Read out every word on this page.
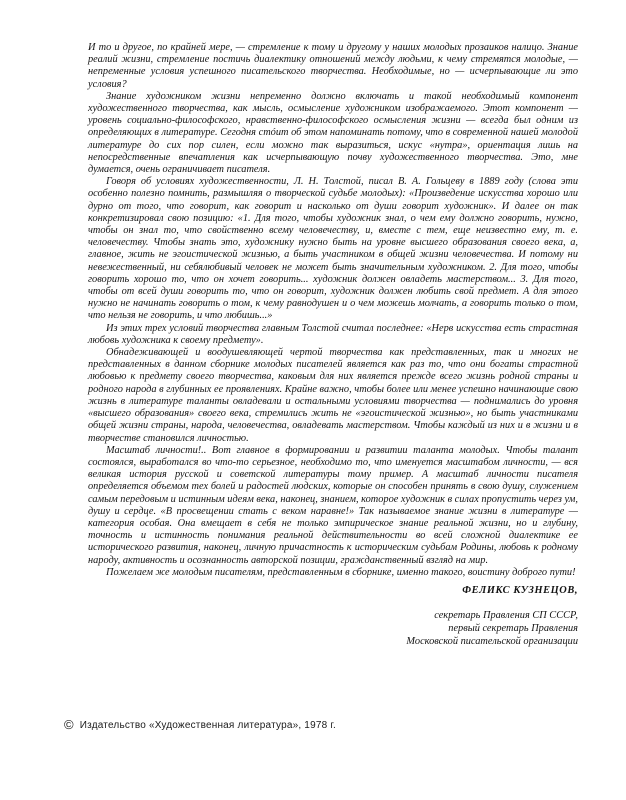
И то и другое, по крайней мере, — стремление к тому и другому у наших молодых прозаиков налицо. Знание реалий жизни, стремление постичь диалектику отношений между людьми, к чему стремятся молодые, — непременные условия успешного писательского творчества. Необходимые, но — исчерпывающие ли это условия?

Знание художником жизни непременно должно включать и такой необходимый компонент художественного творчества, как мысль, осмысление художником изображаемого. Этот компонент — уровень социально-философского, нравственно-философского осмысления жизни — всегда был одним из определяющих в литературе. Сегодня стóит об этом напоминать потому, что в современной нашей молодой литературе до сих пор силен, если можно так выразиться, искус «нутра», ориентация лишь на непосредственные впечатления как исчерпывающую почву художественного творчества. Это, мне думается, очень ограничивает писателя.

Говоря об условиях художественности, Л. Н. Толстой, писал В. А. Гольцеву в 1889 году (слова эти особенно полезно помнить, размышляя о творческой судьбе молодых): «Произведение искусства хорошо или дурно от того, что говорит, как говорит и насколько от души говорит художник». И далее он так конкретизировал свою позицию: «1. Для того, чтобы художник знал, о чем ему должно говорить, нужно, чтобы он знал то, что свойственно всему человечеству, и, вместе с тем, еще неизвестно ему, т. е. человечеству. Чтобы знать это, художнику нужно быть на уровне высшего образования своего века, а, главное, жить не эгоистической жизнью, а быть участником в общей жизни человечества. И потому ни невежественный, ни себялюбивый человек не может быть значительным художником. 2. Для того, чтобы говорить хорошо то, что он хочет говорить... художник должен овладеть мастерством... 3. Для того, чтобы от всей души говорить то, что он говорит, художник должен любить свой предмет. А для этого нужно не начинать говорить о том, к чему равнодушен и о чем можешь молчать, а говорить только о том, что нельзя не говорить, и что любишь...»

Из этих трех условий творчества главным Толстой считал последнее: «Нерв искусства есть страстная любовь художника к своему предмету».

Обнадеживающей и воодушевляющей чертой творчества как представленных, так и многих не представленных в данном сборнике молодых писателей является как раз то, что они богаты страстной любовью к предмету своего творчества, каковым для них является прежде всего жизнь родной страны и родного народа в глубинных ее проявлениях. Крайне важно, чтобы более или менее успешно начинающие свою жизнь в литературе таланты овладевали и остальными условиями творчества — поднимались до уровня «высшего образования» своего века, стремились жить не «эгоистической жизнью», но быть участниками общей жизни страны, народа, человечества, овладевать мастерством. Чтобы каждый из них и в жизни и в творчестве становился личностью.

Масштаб личности!.. Вот главное в формировании и развитии таланта молодых. Чтобы талант состоялся, выработался во что-то серьезное, необходимо то, что именуется масштабом личности, — вся великая история русской и советской литературы тому пример. А масштаб личности писателя определяется объемом тех болей и радостей людских, которые он способен принять в свою душу, служением самым передовым и истинным идеям века, наконец, знанием, которое художник в силах пропустить через ум, душу и сердце. «В просвещении стать с веком наравне!» Так называемое знание жизни в литературе — категория особая. Она вмещает в себя не только эмпирическое знание реальной жизни, но и глубину, точность и истинность понимания реальной действительности во всей сложной диалектике ее исторического развития, наконец, личную причастность к историческим судьбам Родины, любовь к родному народу, активность и осознанность авторской позиции, гражданственный взгляд на мир.

Пожелаем же молодым писателям, представленным в сборнике, именно такого, воистину доброго пути!

ФЕЛИКС КУЗНЕЦОВ,
секретарь Правления СП СССР,
первый секретарь Правления
Московской писательской организации
© Издательство «Художественная литература», 1978 г.
